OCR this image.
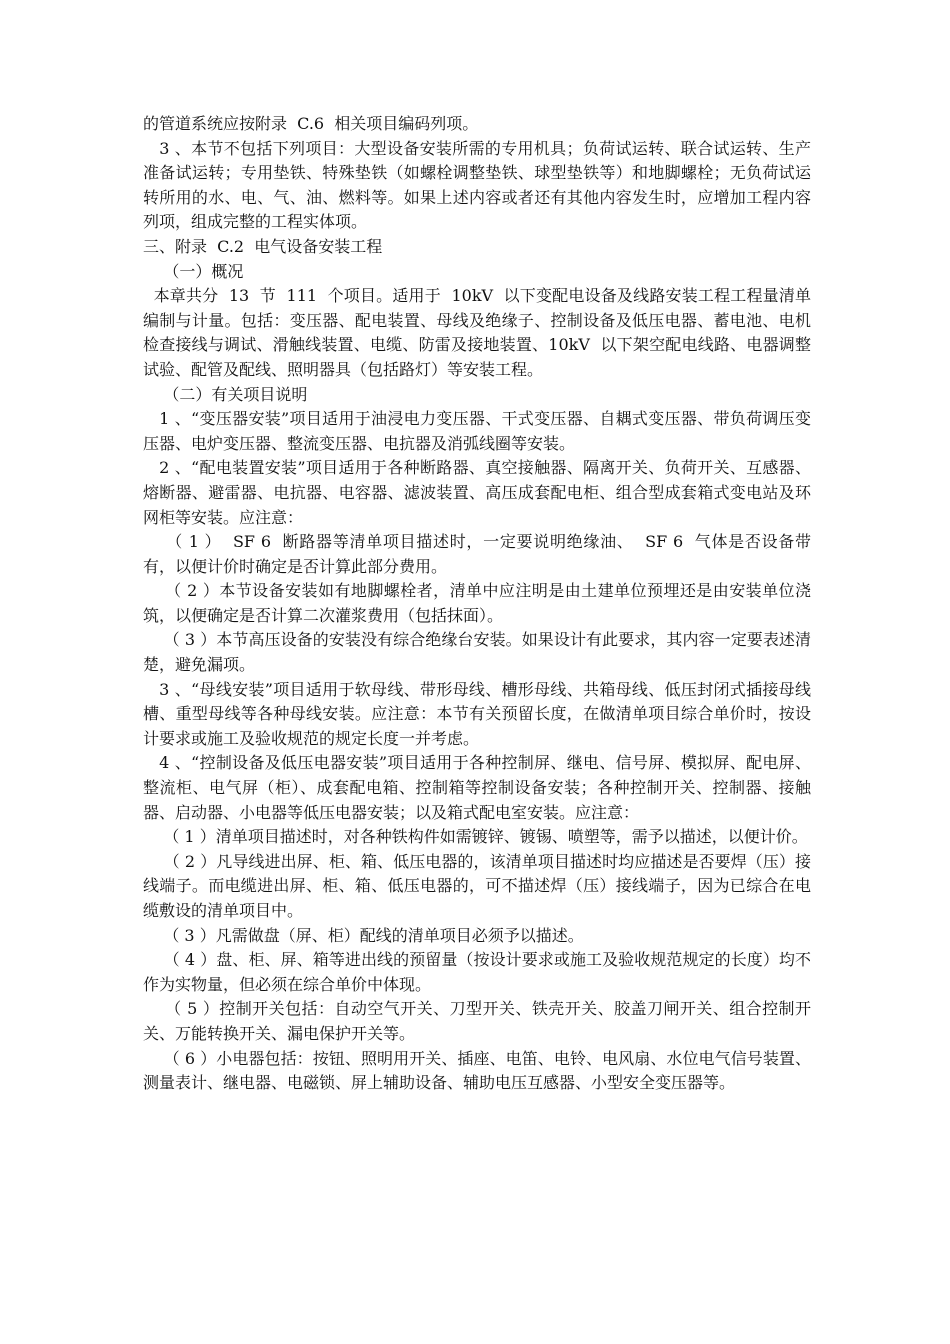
的管道系统应按附录  C.6  相关项目编码列项。

3 、本节不包括下列项目：大型设备安装所需的专用机具；负荷试运转、联合试运转、生产准备试运转；专用垫铁、特殊垫铁（如螺栓调整垫铁、球型垫铁等）和地脚螺栓；无负荷试运转所用的水、电、气、油、燃料等。如果上述内容或者还有其他内容发生时，应增加工程内容列项，组成完整的工程实体项。

三、附录  C.2  电气设备安装工程

（一）概况

本章共分  13  节  111  个项目。适用于  10kV  以下变配电设备及线路安装工程工程量清单编制与计量。包括：变压器、配电装置、母线及绝缘子、控制设备及低压电器、蓄电池、电机检查接线与调试、滑触线装置、电缆、防雷及接地装置、10kV  以下架空配电线路、电器调整试验、配管及配线、照明器具（包括路灯）等安装工程。

（二）有关项目说明

1 、“变压器安装”项目适用于油浸电力变压器、干式变压器、自耦式变压器、带负荷调压变压器、电炉变压器、整流变压器、电抗器及消弧线圈等安装。

2 、“配电装置安装”项目适用于各种断路器、真空接触器、隔离开关、负荷开关、互感器、熔断器、避雷器、电抗器、电容器、滤波装置、高压成套配电柜、组合型成套箱式变电站及环网柜等安装。应注意：

（ 1 ）  SF 6  断路器等清单项目描述时，一定要说明绝缘油、  SF 6  气体是否设备带有，以便计价时确定是否计算此部分费用。

（ 2 ）本节设备安装如有地脚螺栓者，清单中应注明是由土建单位预埋还是由安装单位浇筑，以便确定是否计算二次灌浆费用（包括抹面）。

（ 3 ）本节高压设备的安装没有综合绝缘台安装。如果设计有此要求，其内容一定要表述清楚，避免漏项。

3 、“母线安装”项目适用于软母线、带形母线、槽形母线、共箱母线、低压封闭式插接母线槽、重型母线等各种母线安装。应注意：本节有关预留长度，在做清单项目综合单价时，按设计要求或施工及验收规范的规定长度一并考虑。

4 、“控制设备及低压电器安装”项目适用于各种控制屏、继电、信号屏、模拟屏、配电屏、整流柜、电气屏（柜）、成套配电箱、控制箱等控制设备安装；各种控制开关、控制器、接触器、启动器、小电器等低压电器安装；以及箱式配电室安装。应注意：

（ 1 ）清单项目描述时，对各种铁构件如需镀锌、镀锡、喷塑等，需予以描述，以便计价。

（ 2 ）凡导线进出屏、柜、箱、低压电器的，该清单项目描述时均应描述是否要焊（压）接线端子。而电缆进出屏、柜、箱、低压电器的，可不描述焊（压）接线端子，因为已综合在电缆敷设的清单项目中。

（ 3 ）凡需做盘（屏、柜）配线的清单项目必须予以描述。

（ 4 ）盘、柜、屏、箱等进出线的预留量（按设计要求或施工及验收规范规定的长度）均不作为实物量，但必须在综合单价中体现。

（ 5 ）控制开关包括：自动空气开关、刀型开关、铁壳开关、胶盖刀闸开关、组合控制开关、万能转换开关、漏电保护开关等。

（ 6 ）小电器包括：按钮、照明用开关、插座、电笛、电铃、电风扇、水位电气信号装置、测量表计、继电器、电磁锁、屏上辅助设备、辅助电压互感器、小型安全变压器等。
